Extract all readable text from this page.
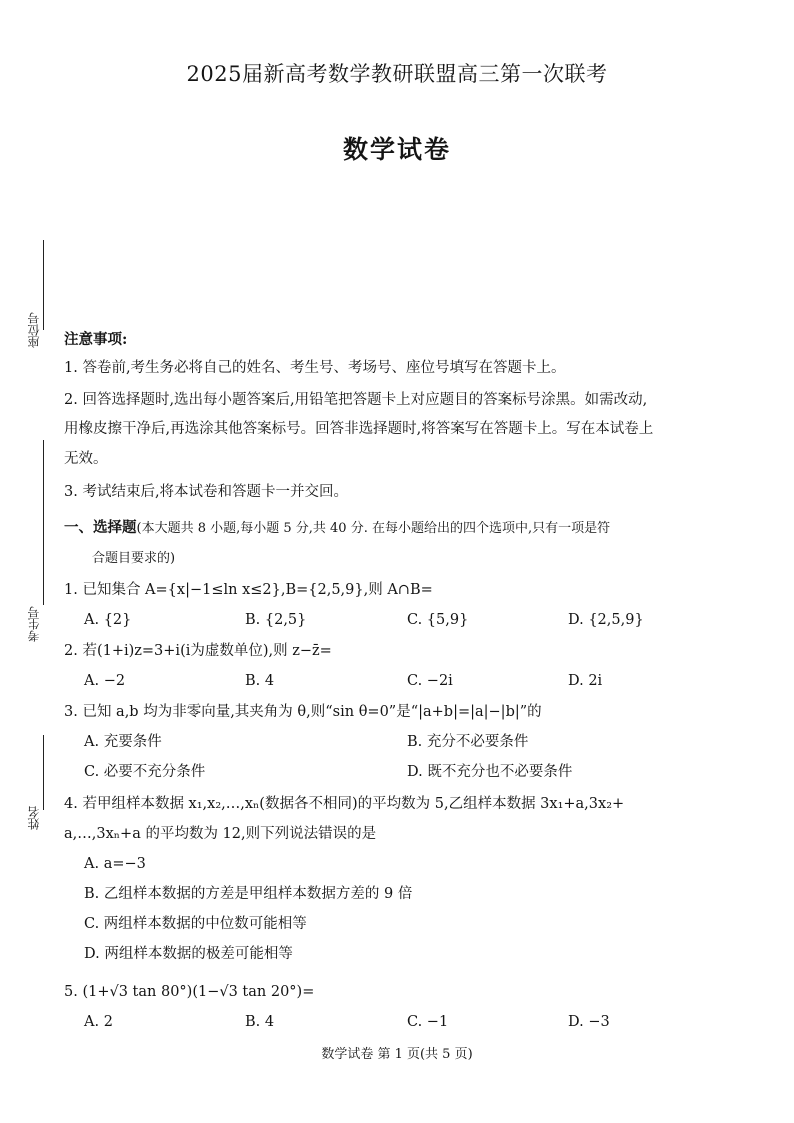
2025届新高考数学教研联盟高三第一次联考
数学试卷
座位号
考生号
姓名
注意事项:
1. 答卷前,考生务必将自己的姓名、考生号、考场号、座位号填写在答题卡上。
2. 回答选择题时,选出每小题答案后,用铅笔把答题卡上对应题目的答案标号涂黑。如需改动,
用橡皮擦干净后,再选涂其他答案标号。回答非选择题时,将答案写在答题卡上。写在本试卷上
无效。
3. 考试结束后,将本试卷和答题卡一并交回。
一、选择题(本大题共 8 小题,每小题 5 分,共 40 分. 在每小题给出的四个选项中,只有一项是符
合题目要求的)
1. 已知集合 A={x|−1≤ln x≤2},B={2,5,9},则 A∩B=
A. {2}	B. {2,5}	C. {5,9}	D. {2,5,9}
2. 若(1+i)z=3+i(i为虚数单位),则 z−z̄=
A. −2	B. 4	C. −2i	D. 2i
3. 已知 a,b 均为非零向量,其夹角为 θ,则“sin θ=0”是“|a+b|=|a|−|b|”的
A. 充要条件	B. 充分不必要条件
C. 必要不充分条件	D. 既不充分也不必要条件
4. 若甲组样本数据 x₁,x₂,…,xₙ(数据各不相同)的平均数为 5,乙组样本数据 3x₁+a,3x₂+
a,…,3xₙ+a 的平均数为 12,则下列说法错误的是
A. a=−3
B. 乙组样本数据的方差是甲组样本数据方差的 9 倍
C. 两组样本数据的中位数可能相等
D. 两组样本数据的极差可能相等
5. (1+√3 tan 80°)(1−√3 tan 20°)=
A. 2	B. 4	C. −1	D. −3
数学试卷 第 1 页(共 5 页)
